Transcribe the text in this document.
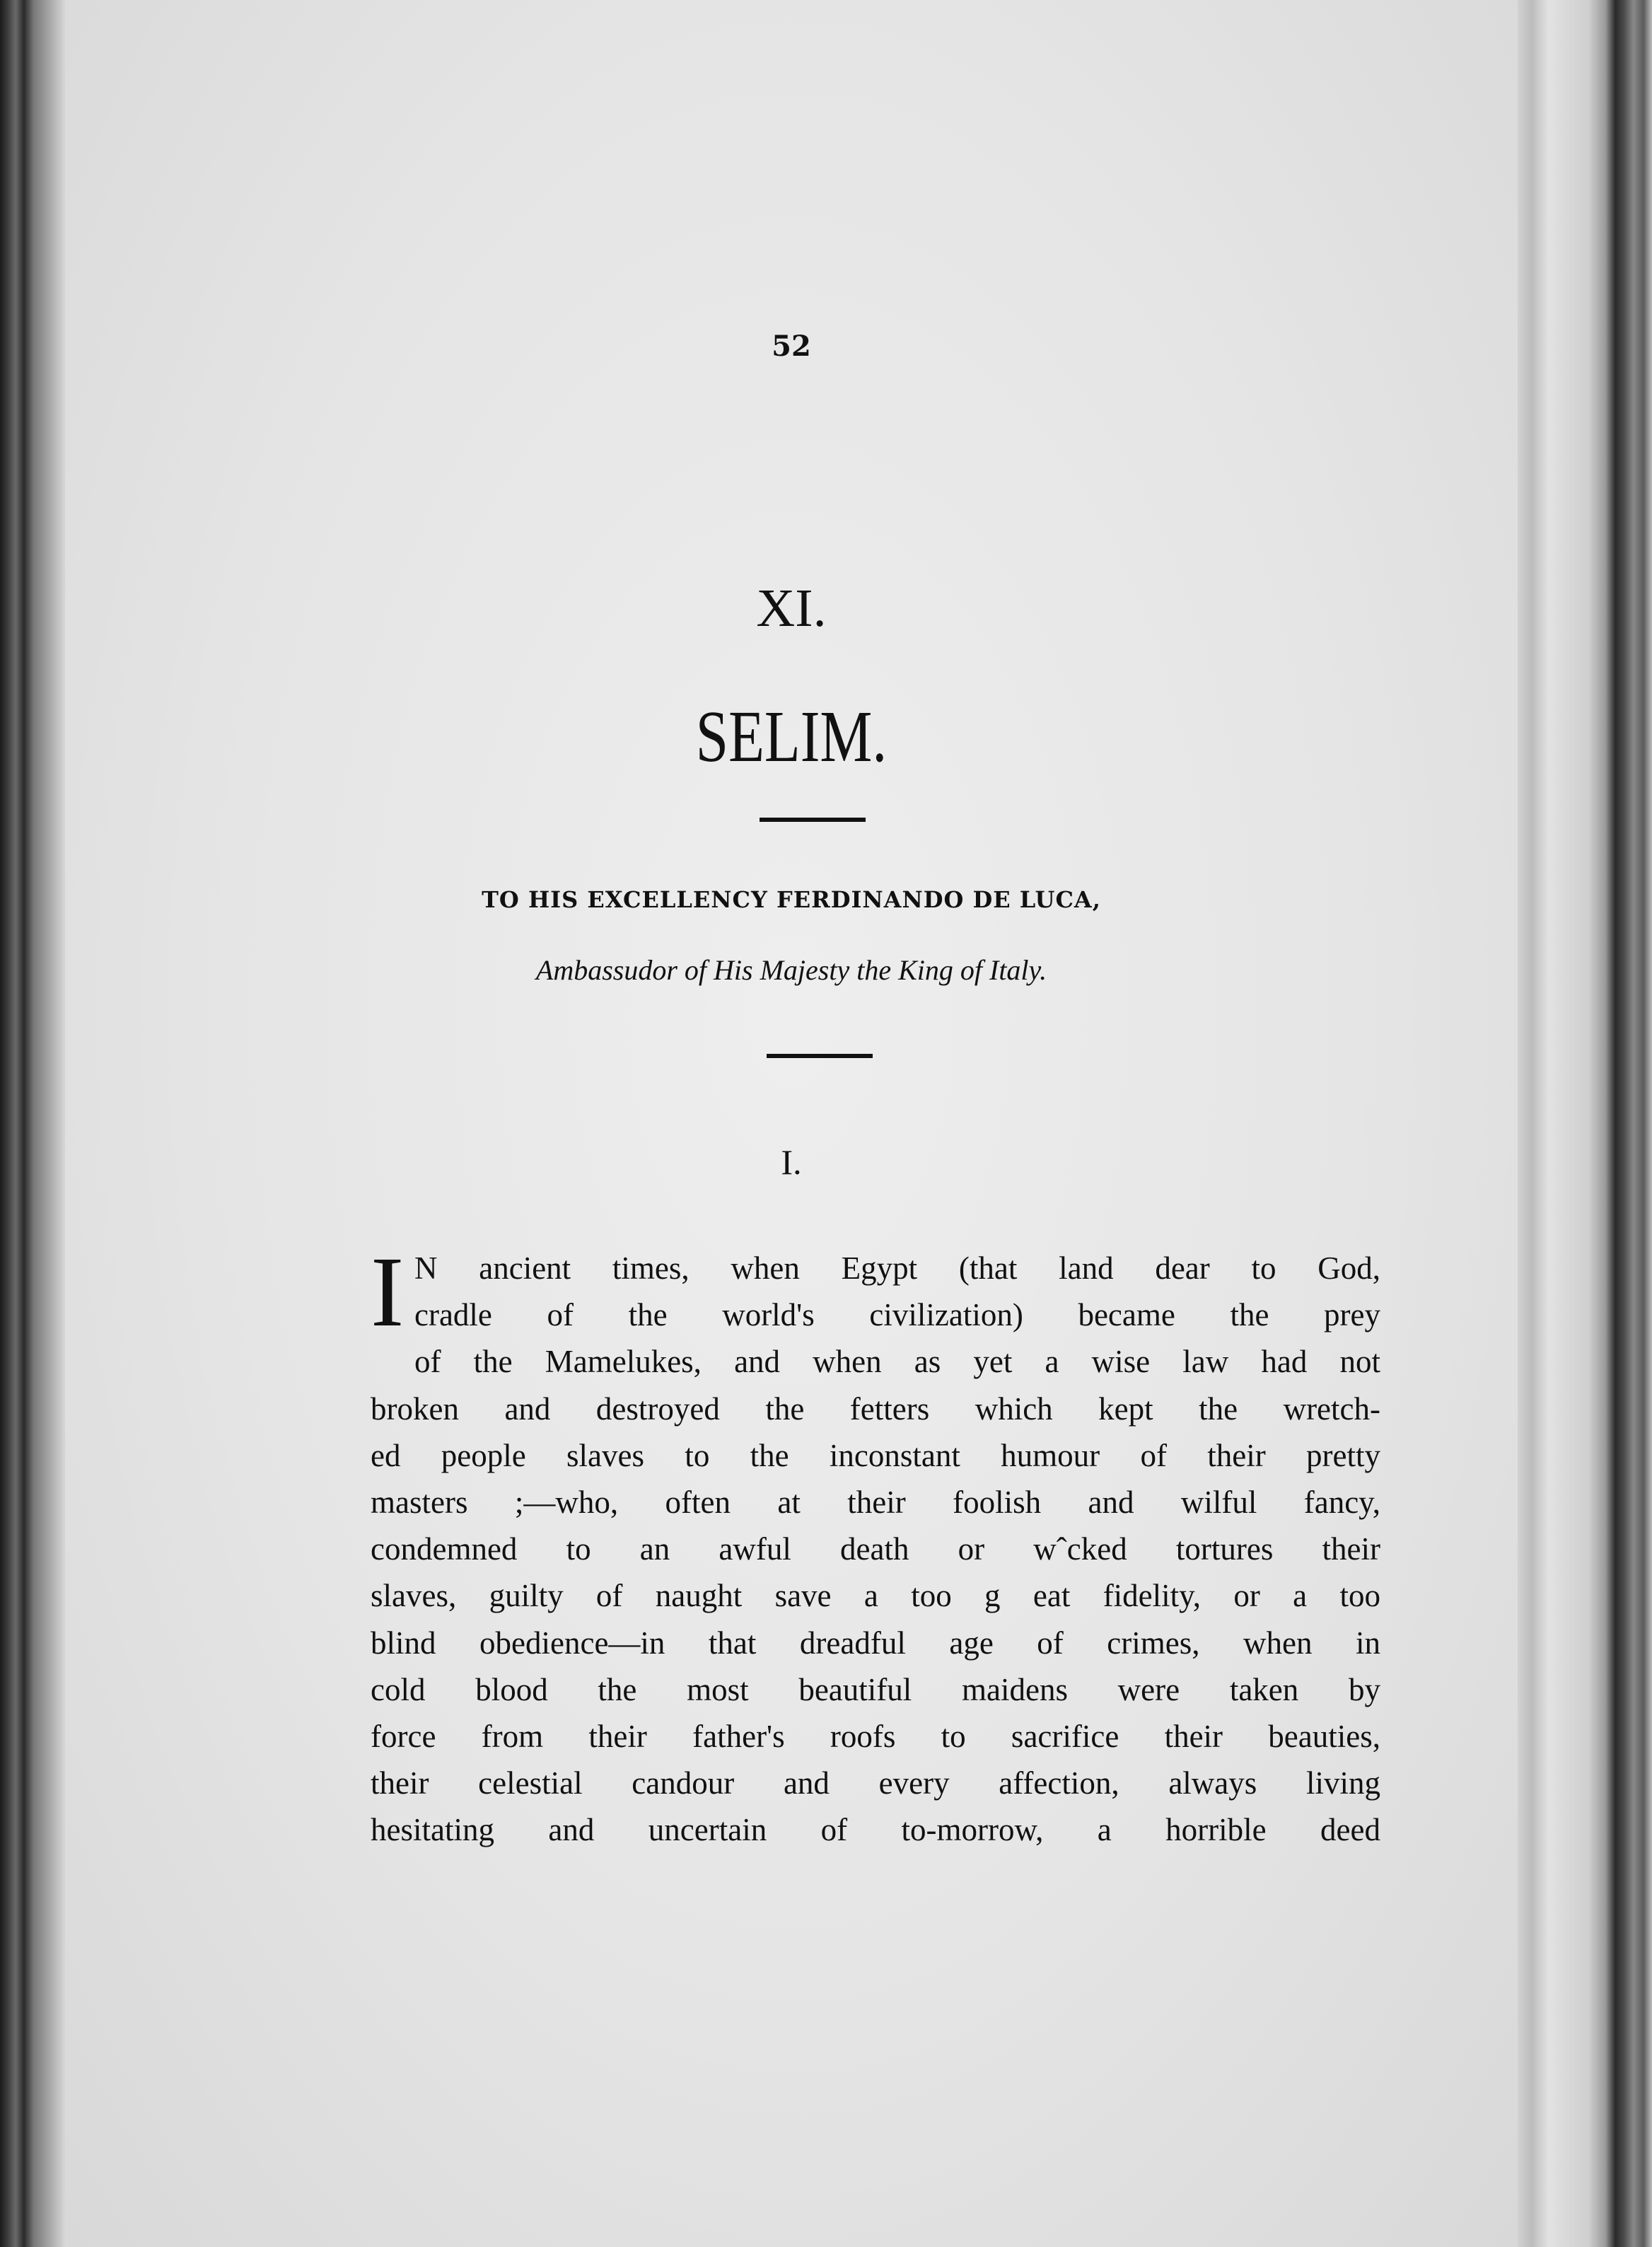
52
XI.
SELIM.
TO HIS EXCELLENCY FERDINANDO DE LUCA,
Ambassudor of His Majesty the King of Italy.
I.
I N ancient times, when Egypt (that land dear to God,
cradle of the world's civilization) became the prey
of the Mamelukes, and when as yet a wise law had not
broken and destroyed the fetters which kept the wretch-
ed people slaves to the inconstant humour of their pretty
masters ;—who, often at their foolish and wilful fancy,
condemned to an awful death or wˆcked tortures their
slaves, guilty of naught save a too g eat fidelity, or a too
blind obedience—in that dreadful age of crimes, when in
cold blood the most beautiful maidens were taken by
force from their father's roofs to sacrifice their beauties,
their celestial candour and every affection, always living
hesitating and uncertain of to-morrow, a horrible deed
